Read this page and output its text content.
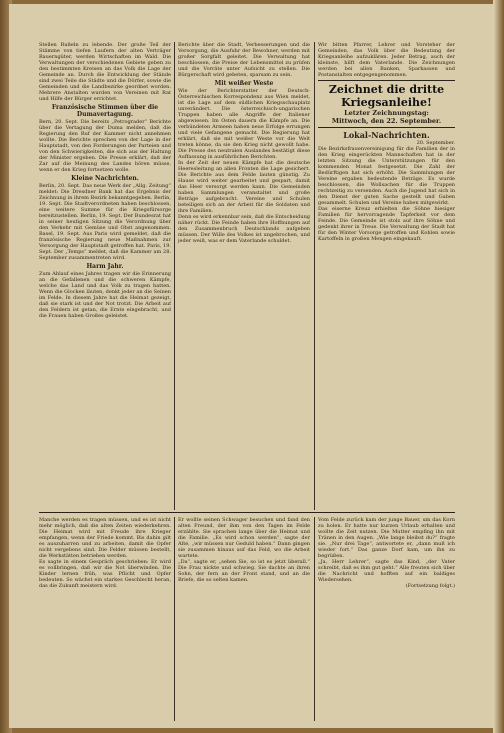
Stellen Rußeln zu lebende. Der große Teil der Stämme von tiefen Laufern der alten Verträger Bauerngüter, werden Wirtschaften im Wald. Die Verwaltungen der verschiedenen Gebiete geben zu den bestimmten Kreisen an das Volk die Lage der Gemeinde an. Durch die Entwicklung der Stände sind zwei Teile die Städte und die Dörfer, sowie die Gemeinden und die Landbezirke geordnet worden. Mehrere Anstalten wurden von Vereinen mit Rat und Hilfe der Bürger errichtet.

Französische Stimmen über die Dumavertagung.

Bern, 20. Sept. Die bereits „Petrograder“ Berichte über die Vertagung der Duma melden, daß die Regierung den Ruf der Kammer nicht annehmen wollte. Die Berichte sprechen von der Lage in der Hauptstadt, von den Forderungen der Parteien und von den Schwierigkeiten, die sich aus der Haltung der Minister ergeben. Die Presse erklärt, daß der Zar auf die Meinung des Landes hören müsse, wenn er den Krieg fortsetzen wolle.

Kleine Nachrichten.

Berlin, 20. Sept. Das neue Werk der „Allg. Zeitung“ meldet: Die Dresdner Bank hat das Ergebnis der Zeichnung in ihrem Bezirk bekanntgegeben. Berlin, 19. Sept. Die Stadtverordneten haben beschlossen, eine weitere Summe für die Kriegsfürsorge bereitzustellen. Berlin, 19. Sept. Der Bundesrat hat in seiner heutigen Sitzung die Verordnung über den Verkehr mit Gemüse und Obst angenommen. Basel, 19. Sept. Aus Paris wird gemeldet, daß die französische Regierung neue Maßnahmen zur Versorgung der Hauptstadt getroffen hat. Paris, 19. Sept. Der „Temps“ meldet, daß die Kammer am 28. September zusammentreten wird.

Harm Jahr.

Zum Ablauf eines Jahres tragen wir die Erinnerung an die Gefallenen und die schweren Kämpfe, welche das Land und das Volk zu tragen hatten. Wenn die Glocken läuten, denkt jeder an die Seinen im Felde. In diesem Jahre hat die Heimat gezeigt, daß sie stark ist und der Not trotzt. Die Arbeit auf den Feldern ist getan, die Ernte eingebracht, und die Frauen haben Großes geleistet.

Berichte über die Stadt, Verbesserungen und die Versorgung, die Ausfuhr der Bewohner, werden mit großer Sorgfalt geleitet. Die Verwaltung hat beschlossen, die Preise der Lebensmittel zu prüfen und die Vorräte unter Aufsicht zu stellen. Die Bürgerschaft wird gebeten, sparsam zu sein.

Mit weißer Weste

Wie der Berichterstatter der Deutsch-Österreichischen Korrespondenz aus Wien meldet, ist die Lage auf dem südlichen Kriegsschauplatz unverändert. Die österreichisch-ungarischen Truppen haben alle Angriffe der Italiener abgewiesen. Im Osten dauern die Kämpfe an. Die verbündeten Armeen haben neue Erfolge errungen und viele Gefangene gemacht. Die Regierung hat erklärt, daß sie mit weißer Weste vor die Welt treten könne, da sie den Krieg nicht gewollt habe. Die Presse des neutralen Auslandes bestätigt diese Auffassung in ausführlichen Berichten.

In der Zeit der neuen Kämpfe hat die deutsche Heeresleitung an allen Fronten die Lage gesichert. Die Berichte aus dem Felde lauten günstig. Zu Hause wird weiter gearbeitet und gespart, damit das Heer versorgt werden kann. Die Gemeinden haben Sammlungen veranstaltet und große Beträge aufgebracht. Vereine und Schulen beteiligen sich an der Arbeit für die Soldaten und ihre Familien.

Denn es wird erkennbar sein, daß die Entscheidung näher rückt. Die Feinde haben ihre Hoffnungen auf den Zusammenbruch Deutschlands aufgeben müssen. Der Wille des Volkes ist ungebrochen, und jeder weiß, was er dem Vaterlande schuldet.

Wir bitten Pfarrer, Lehrer und Vorsteher der Gemeinden, das Volk über die Bedeutung der Kriegsanleihe aufzuklären. Jeder Betrag, auch der kleinste, hilft dem Vaterlande. Die Zeichnungen werden bei allen Banken, Sparkassen und Postanstalten entgegengenommen.

Zeichnet die dritte Kriegsanleihe!

Letzter Zeichnungstag:

Mittwoch, den 22. September.

Lokal-Nachrichten.

20. September.

Die Bezirksfrauenvereinigung für die Familien der in den Krieg eingerückten Mannschaften hat in der letzten Sitzung die Unterstützungen für den kommenden Monat festgesetzt. Die Zahl der Bedürftigen hat sich erhöht. Die Sammlungen der Vereine ergaben bedeutende Beträge. Es wurde beschlossen, die Wollsachen für die Truppen rechtzeitig zu versenden. Auch die Jugend hat sich in den Dienst der guten Sache gestellt und Gaben gesammelt. Schulen und Vereine haben mitgewirkt.

Das eiserne Kreuz erhielten die Söhne hiesiger Familien für hervorragende Tapferkeit vor dem Feinde. Die Gemeinde ist stolz auf ihre Söhne und gedenkt ihrer in Treue. Die Verwaltung der Stadt hat für den Winter Vorsorge getroffen und Kohlen sowie Kartoffeln in großen Mengen eingekauft.

Manche werden es tragen müssen, und es ist nicht mehr möglich, daß die alten Zeiten wiederkehren. Die Heimat wird mit Freude ihre Krieger empfangen, wenn der Friede kommt. Bis dahin gilt es auszuharren und zu arbeiten, damit die Opfer nicht vergebens sind. Die Felder müssen bestellt, die Werkstätten betrieben werden.

Es sagte in einem Gespräch geschrieben: Er wird es vollbringen, daß wir die Not überwinden. Die Kinder lernen früh, was Pflicht und Opfer bedeuten. So wächst ein starkes Geschlecht heran, das die Zukunft meistern wird.

Er wollte seinen Schwager besuchen und fand den alten Freund, der ihm von den Tagen im Felde erzählte. Sie sprachen lange über die Heimat und die Familie. „Es wird schon werden“, sagte der Alte, „wir müssen nur Geduld haben.“ Dann gingen sie zusammen hinaus auf das Feld, wo die Arbeit wartete.

„Da“, sagte er, „sehen Sie, so ist es jetzt überall.“ Die Frau nickte und schwieg. Sie dachte an ihren Sohn, der fern an der Front stand, und an die Briefe, die so selten kamen.

Vom Felde zurück kam der junge Bauer, um das Korn zu holen. Er hatte nur kurzen Urlaub erhalten und wollte die Zeit nutzen. Die Mutter empfing ihn mit Tränen in den Augen. „Wie lange bleibst du?“ fragte sie. „Nur drei Tage“, antwortete er, „dann muß ich wieder fort.“ Das ganze Dorf kam, um ihn zu begrüßen.

„Ja, Herr Lehrer“, sagte das Kind, „der Vater schreibt, daß es ihm gut geht.“ Alle freuten sich über die Nachricht und hofften auf ein baldiges Wiedersehen.

(Fortsetzung folgt.)
